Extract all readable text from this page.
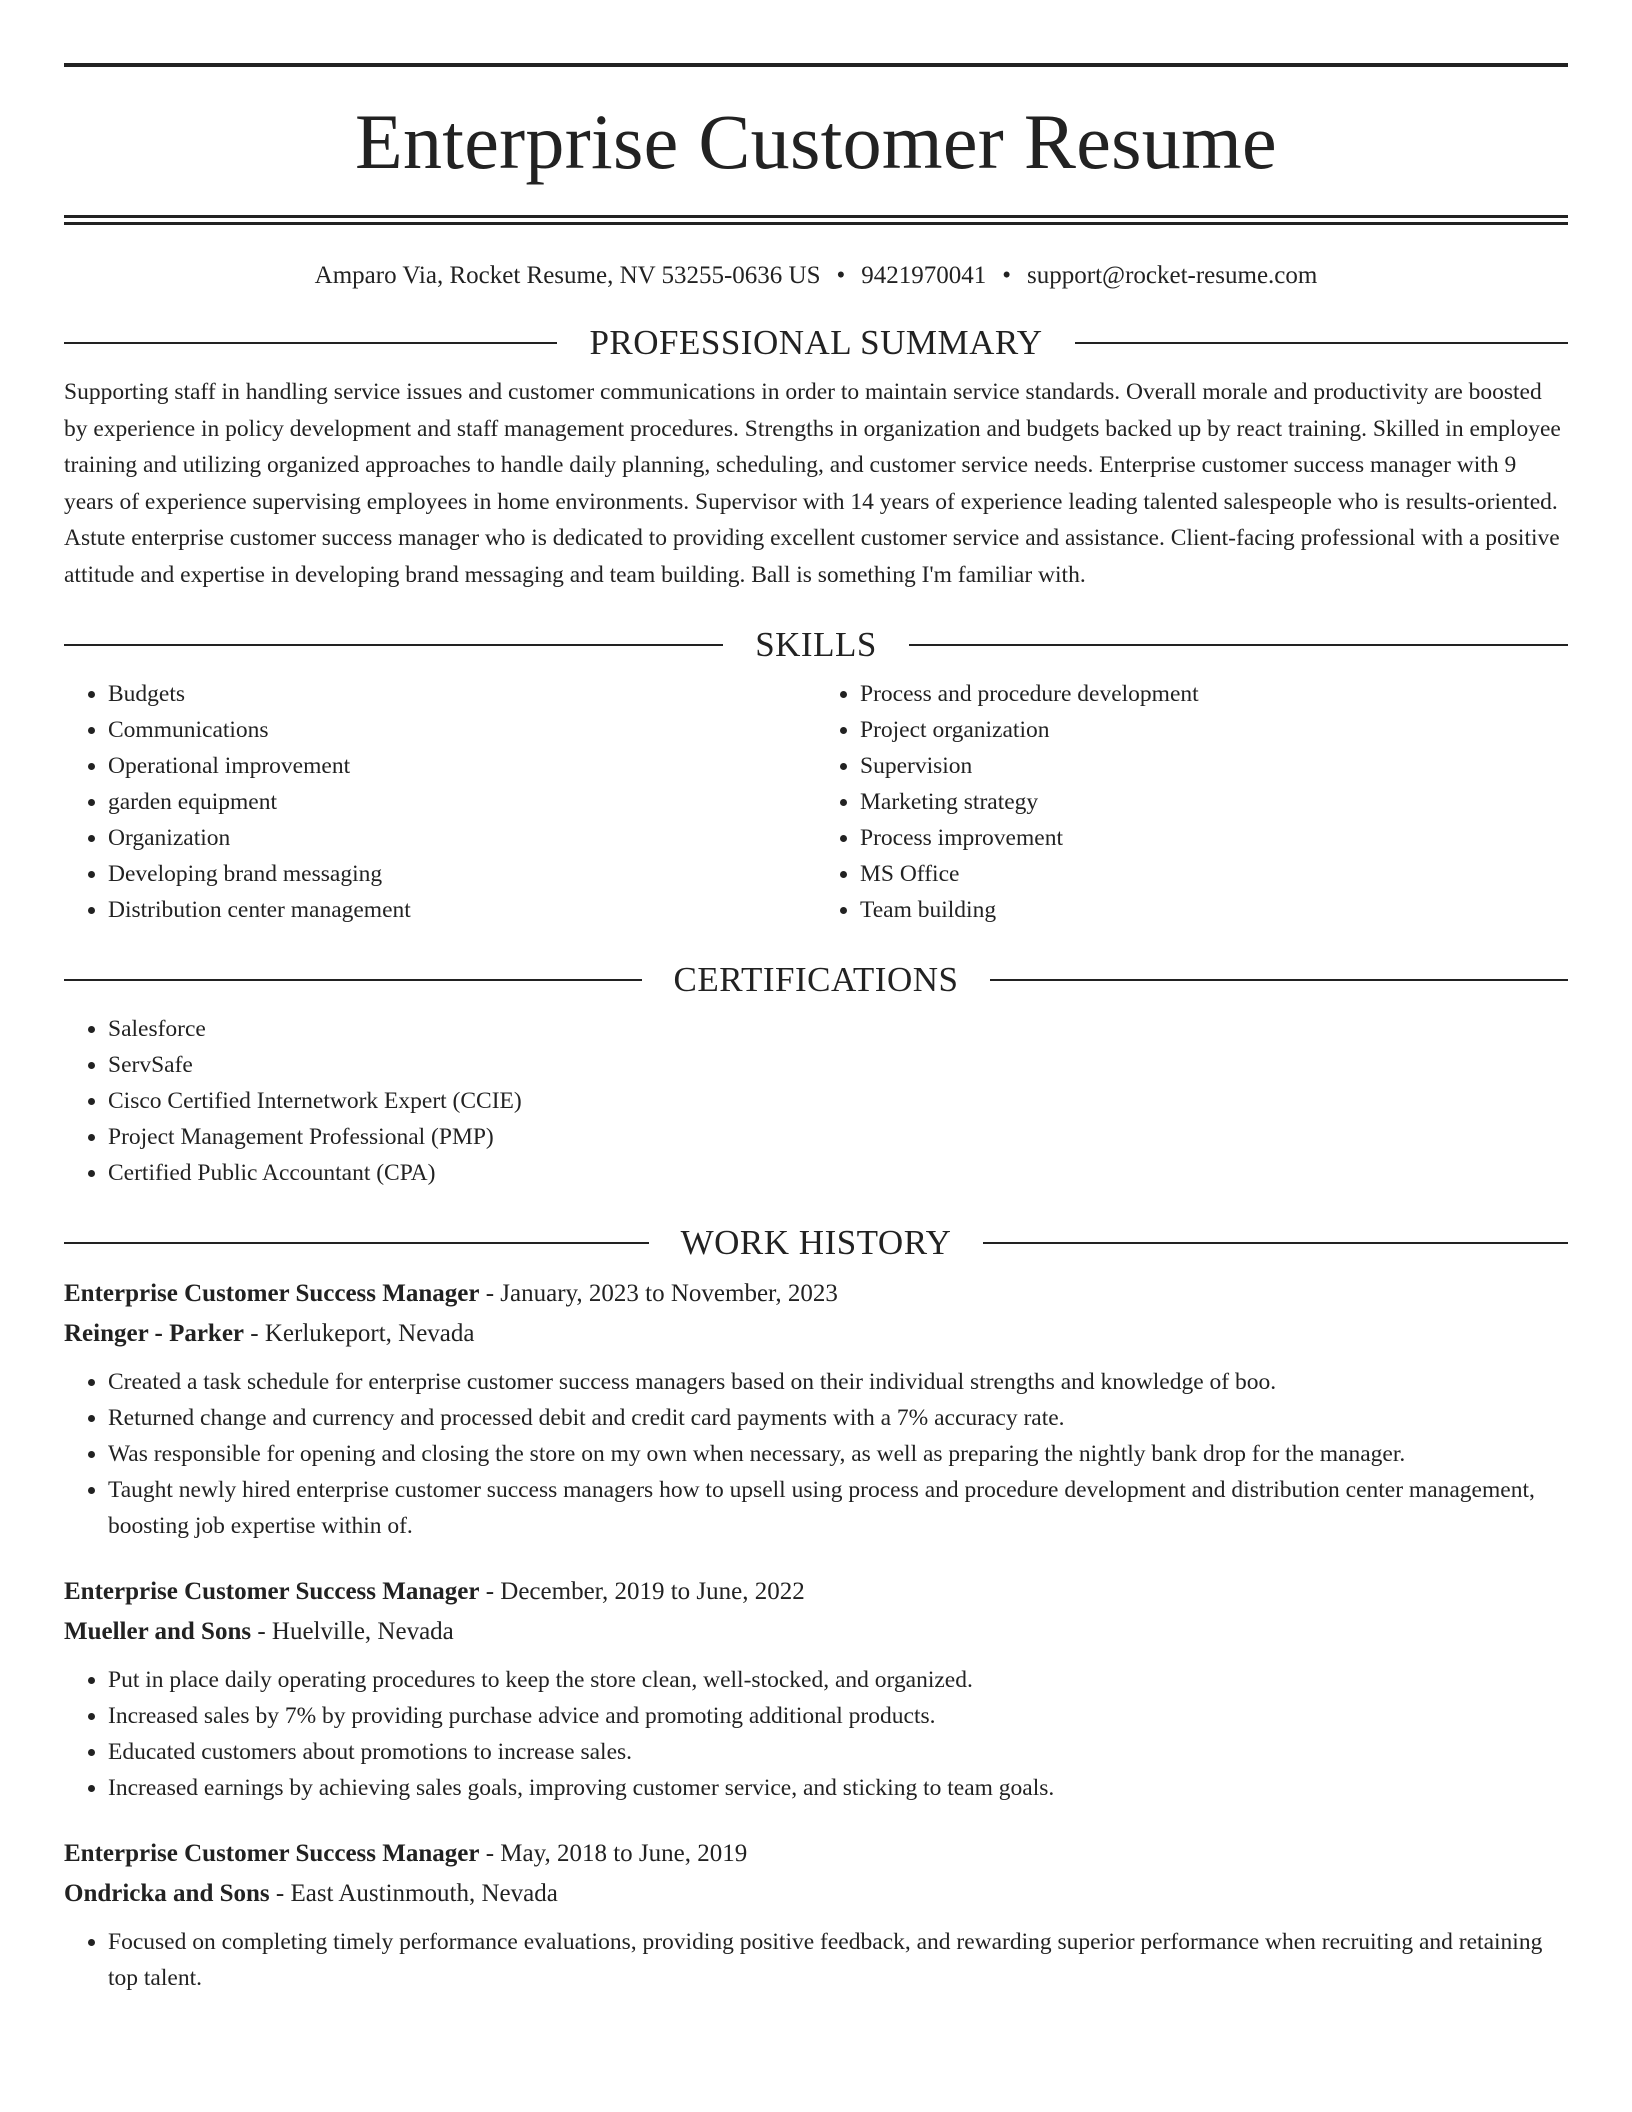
Enterprise Customer Resume
Amparo Via, Rocket Resume, NV 53255-0636 US • 9421970041 • support@rocket-resume.com
PROFESSIONAL SUMMARY

Supporting staff in handling service issues and customer communications in order to maintain service standards. Overall morale and productivity are boosted by experience in policy development and staff management procedures. Strengths in organization and budgets backed up by react training. Skilled in employee training and utilizing organized approaches to handle daily planning, scheduling, and customer service needs. Enterprise customer success manager with 9 years of experience supervising employees in home environments. Supervisor with 14 years of experience leading talented salespeople who is results-oriented. Astute enterprise customer success manager who is dedicated to providing excellent customer service and assistance. Client-facing professional with a positive attitude and expertise in developing brand messaging and team building. Ball is something I'm familiar with.

SKILLS
• Budgets
• Communications
• Operational improvement
• garden equipment
• Organization
• Developing brand messaging
• Distribution center management
• Process and procedure development
• Project organization
• Supervision
• Marketing strategy
• Process improvement
• MS Office
• Team building
CERTIFICATIONS
• Salesforce
• ServSafe
• Cisco Certified Internetwork Expert (CCIE)
• Project Management Professional (PMP)
• Certified Public Accountant (CPA)
WORK HISTORY
Enterprise Customer Success Manager - January, 2023 to November, 2023
Reinger - Parker - Kerlukeport, Nevada
• Created a task schedule for enterprise customer success managers based on their individual strengths and knowledge of boo.
• Returned change and currency and processed debit and credit card payments with a 7% accuracy rate.
• Was responsible for opening and closing the store on my own when necessary, as well as preparing the nightly bank drop for the manager.
• Taught newly hired enterprise customer success managers how to upsell using process and procedure development and distribution center management, boosting job expertise within of.
Enterprise Customer Success Manager - December, 2019 to June, 2022
Mueller and Sons - Huelville, Nevada
• Put in place daily operating procedures to keep the store clean, well-stocked, and organized.
• Increased sales by 7% by providing purchase advice and promoting additional products.
• Educated customers about promotions to increase sales.
• Increased earnings by achieving sales goals, improving customer service, and sticking to team goals.
Enterprise Customer Success Manager - May, 2018 to June, 2019
Ondricka and Sons - East Austinmouth, Nevada
• Focused on completing timely performance evaluations, providing positive feedback, and rewarding superior performance when recruiting and retaining top talent.
